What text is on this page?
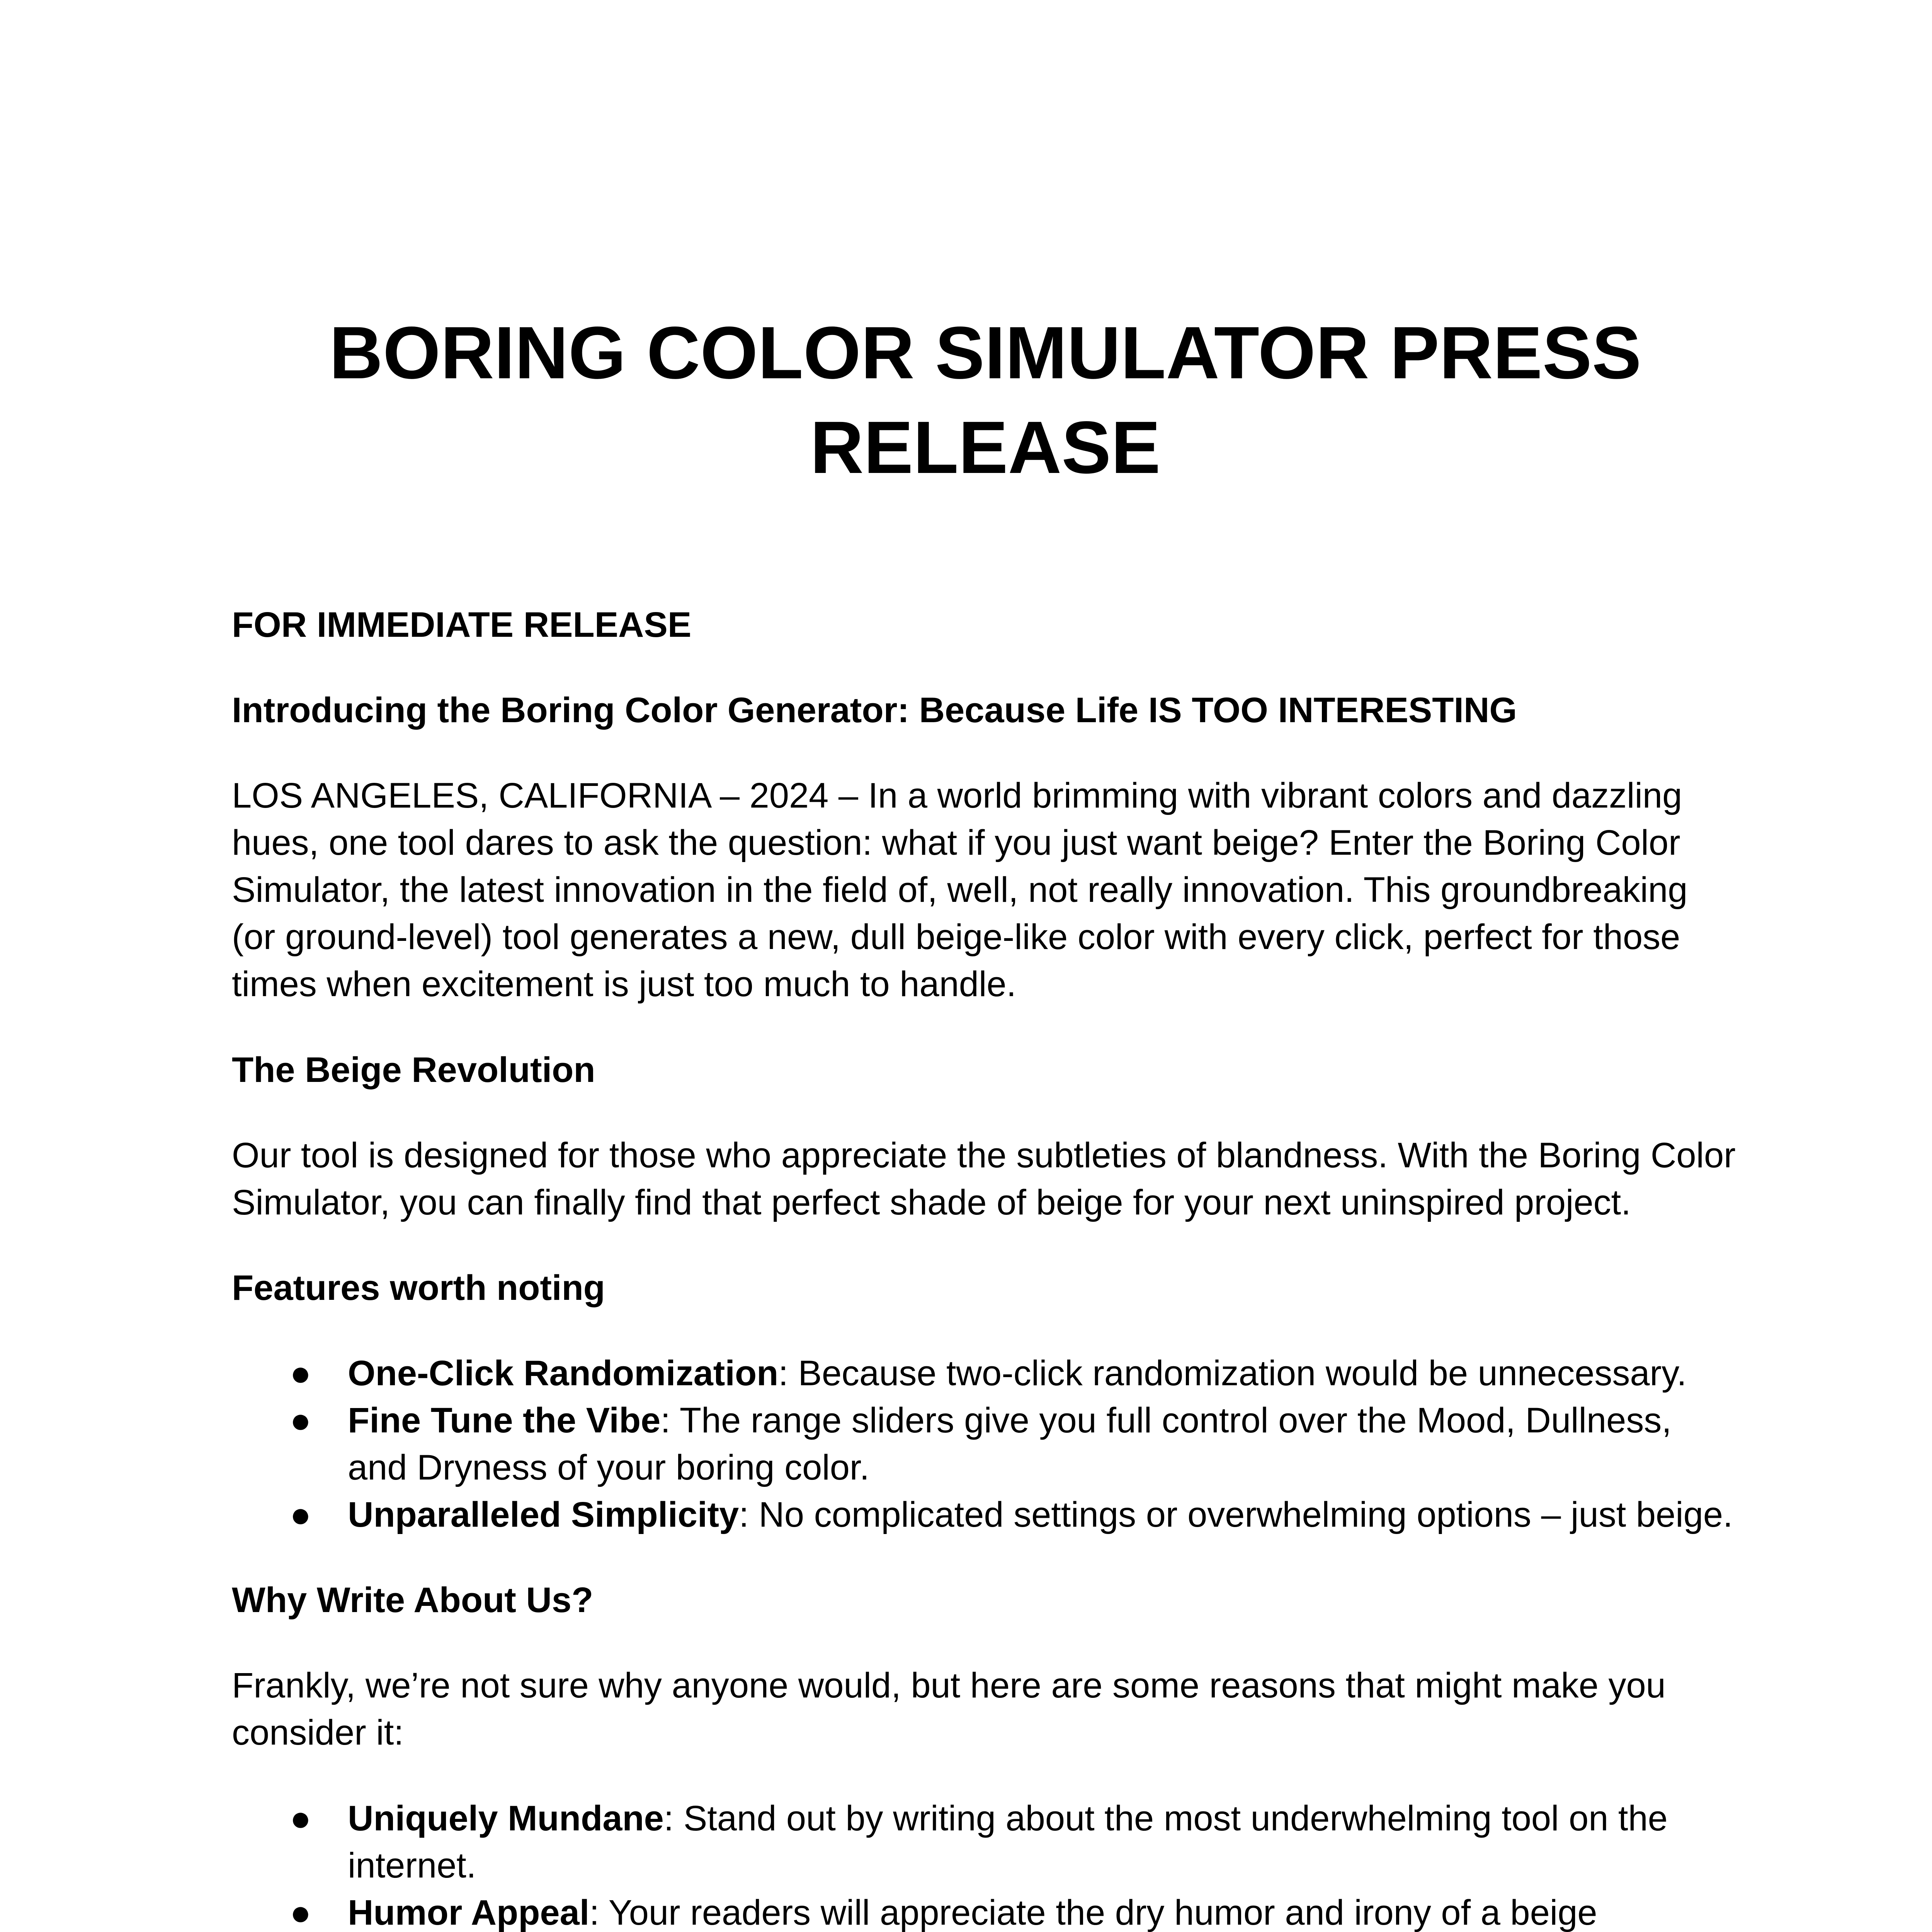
BORING COLOR SIMULATOR PRESS RELEASE

FOR IMMEDIATE RELEASE

Introducing the Boring Color Generator: Because Life IS TOO INTERESTING

LOS ANGELES, CALIFORNIA – 2024 – In a world brimming with vibrant colors and dazzling hues, one tool dares to ask the question: what if you just want beige? Enter the Boring Color Simulator, the latest innovation in the field of, well, not really innovation. This groundbreaking (or ground-level) tool generates a new, dull beige-like color with every click, perfect for those times when excitement is just too much to handle.

The Beige Revolution

Our tool is designed for those who appreciate the subtleties of blandness. With the Boring Color Simulator, you can finally find that perfect shade of beige for your next uninspired project.

Features worth noting

● One-Click Randomization: Because two-click randomization would be unnecessary.
● Fine Tune the Vibe: The range sliders give you full control over the Mood, Dullness, and Dryness of your boring color.
● Unparalleled Simplicity: No complicated settings or overwhelming options – just beige.

Why Write About Us?

Frankly, we’re not sure why anyone would, but here are some reasons that might make you consider it:

● Uniquely Mundane: Stand out by writing about the most underwhelming tool on the internet.
● Humor Appeal: Your readers will appreciate the dry humor and irony of a beige
